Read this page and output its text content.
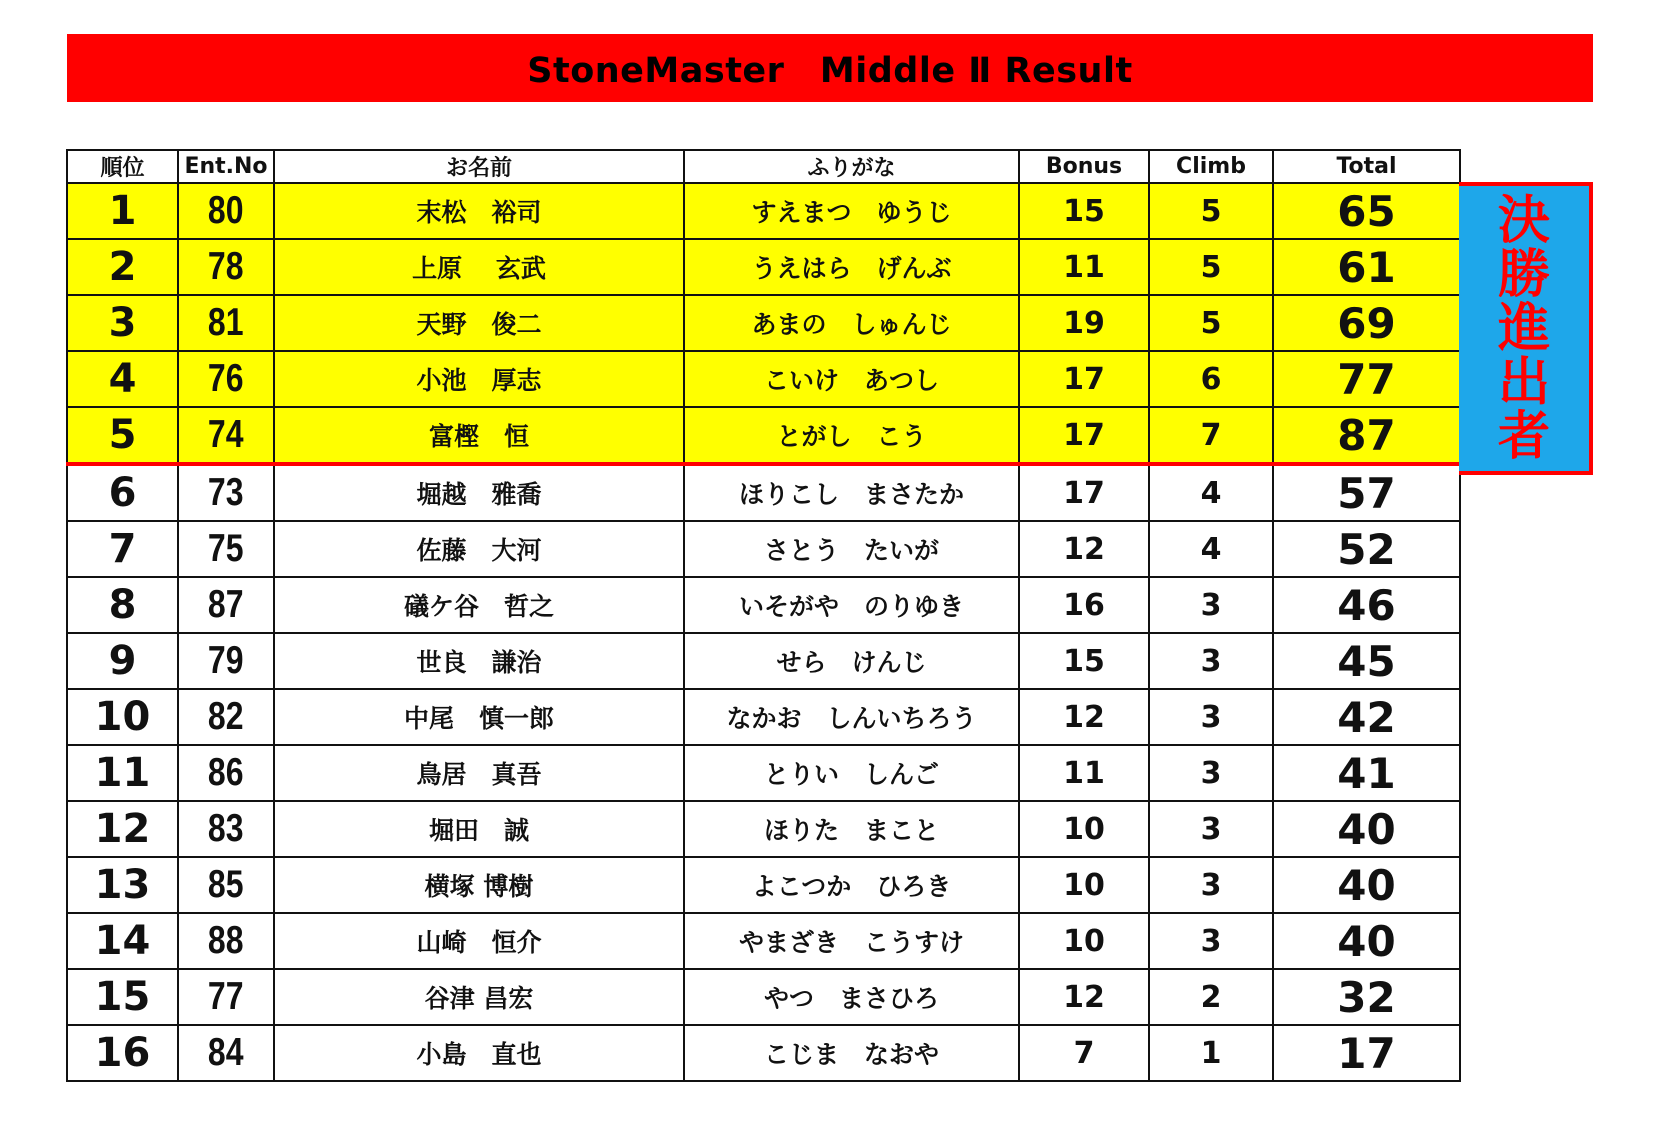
StoneMaster　Middle Ⅱ Result
順位	Ent.No	お名前	ふりがな	Bonus	Climb	Total
1	80	末松　裕司	すえまつ　ゆうじ	15	5	65
2	78	上原　 玄武	うえはら　げんぶ	11	5	61
3	81	天野　俊二	あまの　しゅんじ	19	5	69
4	76	小池　厚志	こいけ　あつし	17	6	77
5	74	富樫　恒	とがし　こう	17	7	87
6	73	堀越　雅喬	ほりこし　まさたか	17	4	57
7	75	佐藤　大河	さとう　たいが	12	4	52
8	87	礒ケ谷　哲之	いそがや　のりゆき	16	3	46
9	79	世良　謙治	せら　けんじ	15	3	45
10	82	中尾　慎一郎	なかお　しんいちろう	12	3	42
11	86	鳥居　真吾	とりい　しんご	11	3	41
12	83	堀田　誠	ほりた　まこと	10	3	40
13	85	横塚 博樹	よこつか　ひろき	10	3	40
14	88	山崎　恒介	やまざき　こうすけ	10	3	40
15	77	谷津 昌宏	やつ　まさひろ	12	2	32
16	84	小島　直也	こじま　なおや	7	1	17
決
勝
進
出
者
